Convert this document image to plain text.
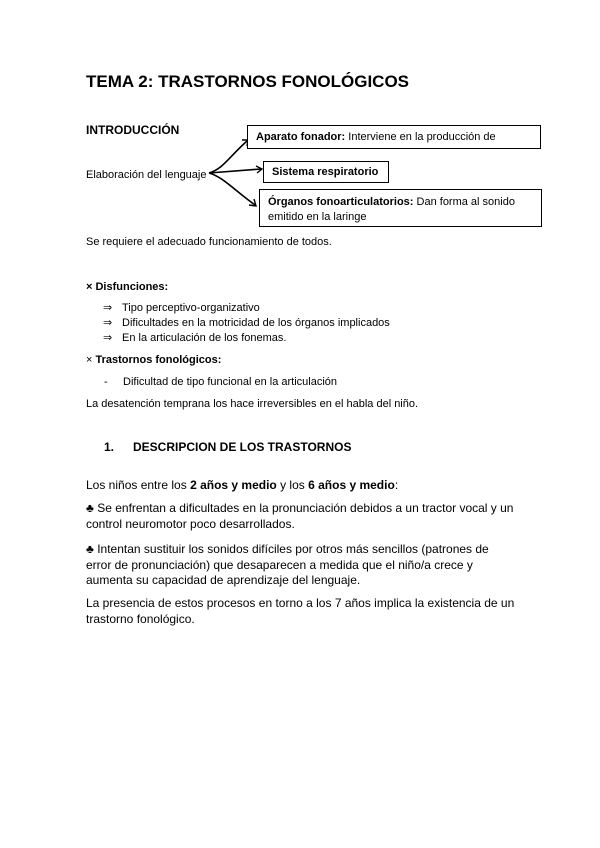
TEMA 2: TRASTORNOS FONOLÓGICOS
INTRODUCCIÓN
Elaboración del lenguaje
Aparato fonador: Interviene en la producción de
Sistema respiratorio
Órganos fonoarticulatorios: Dan forma al sonido emitido en la laringe
Se requiere el adecuado funcionamiento de todos.
× Disfunciones:
⇒ Tipo perceptivo-organizativo
⇒ Dificultades en la motricidad de los órganos implicados
⇒ En la articulación de los fonemas.
× Trastornos fonológicos:
- Dificultad de tipo funcional en la articulación
La desatención temprana los hace irreversibles en el habla del niño.
1. DESCRIPCION DE LOS TRASTORNOS
Los niños entre los 2 años y medio y los 6 años y medio:
♣ Se enfrentan a dificultades en la pronunciación debidos a un tractor vocal y un control neuromotor poco desarrollados.
♣ Intentan sustituir los sonidos difíciles por otros más sencillos (patrones de error de pronunciación) que desaparecen a medida que el niño/a crece y aumenta su capacidad de aprendizaje del lenguaje.
La presencia de estos procesos en torno a los 7 años implica la existencia de un trastorno fonológico.
